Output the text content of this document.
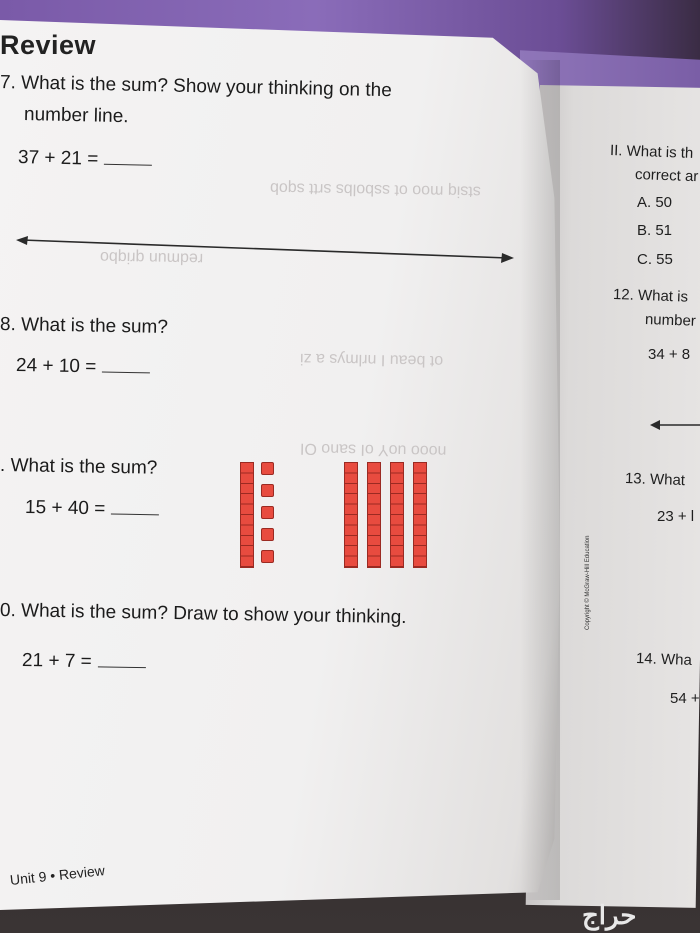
stsiq moo ot ssbolbs srtt sqob
redmun qriqbo
ot beau I nrlmys a zi
nooo uoY oI sano OI
Review
7. What is the sum? Show your thinking on the
number line.
37 + 21 =
8. What is the sum?
24 + 10 =
. What is the sum?
15 + 40 =
0. What is the sum? Draw to show your thinking.
21 + 7 =
Unit 9 • Review
Copyright © McGraw-Hill Education
II. What is th
correct ar
A. 50
B. 51
C. 55
12. What is
number
34 + 8
13. What
23 + l
14. Wha
54 +
حراج
